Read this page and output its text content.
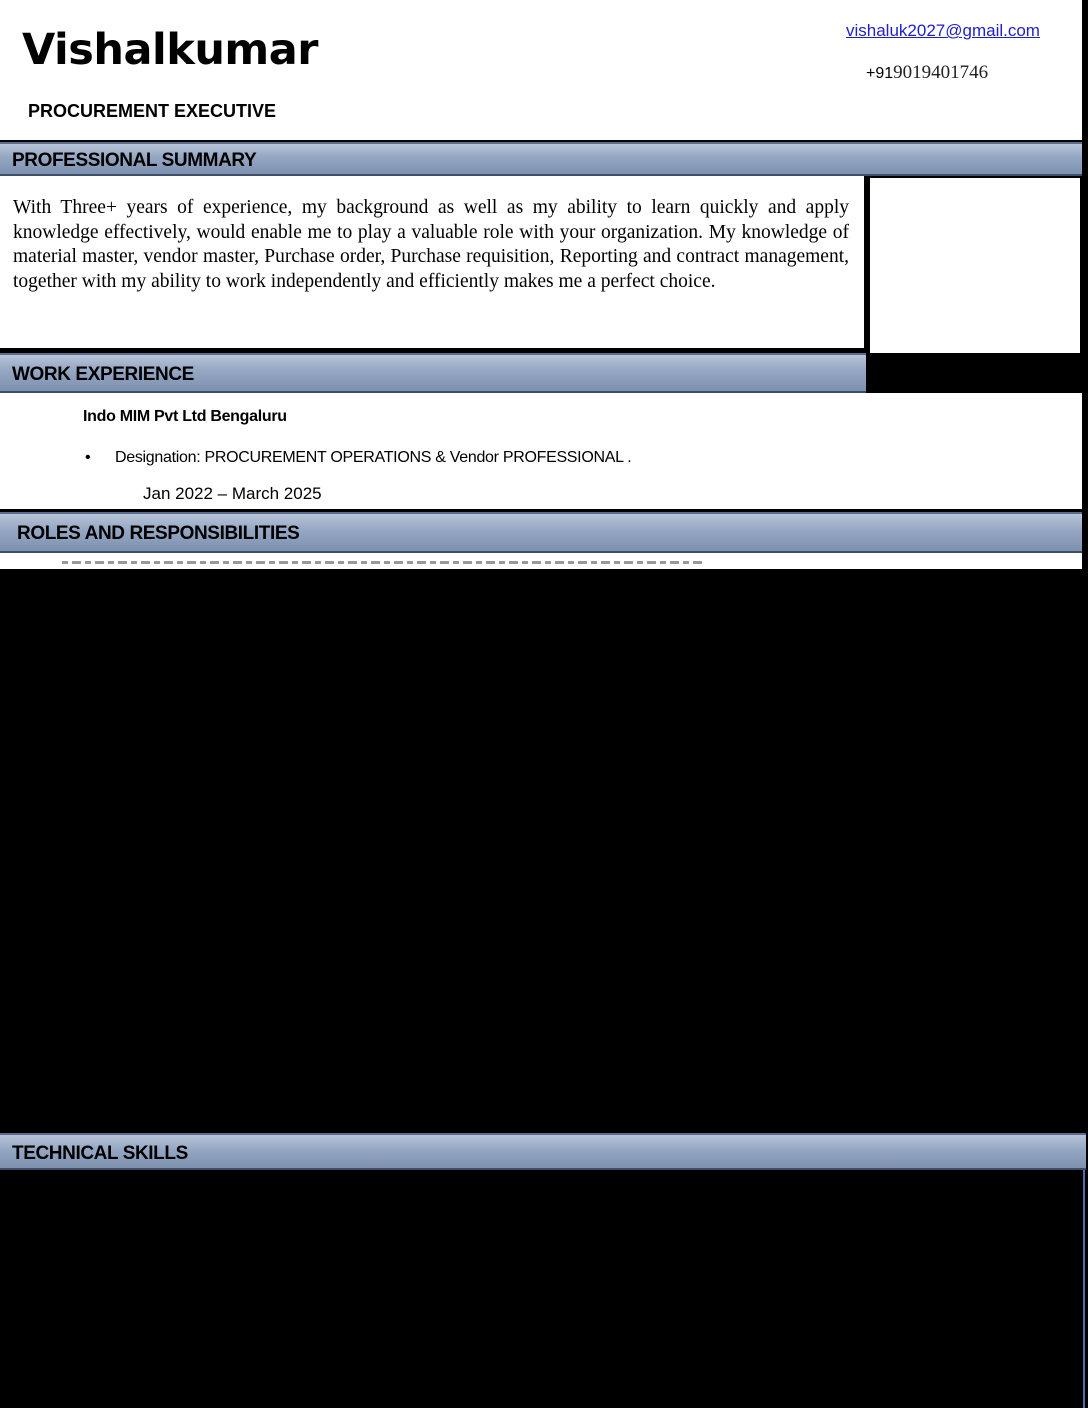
Vishalkumar
PROCUREMENT EXECUTIVE
vishaluk2027@gmail.com
+919019401746
PROFESSIONAL SUMMARY
With Three+ years of experience, my background as well as my ability to learn quickly and apply knowledge effectively, would enable me to play a valuable role with your organization. My knowledge of material master, vendor master, Purchase order, Purchase requisition, Reporting and contract management, together with my ability to work independently and efficiently makes me a perfect choice.
WORK EXPERIENCE
Indo MIM Pvt Ltd Bengaluru
• Designation: PROCUREMENT OPERATIONS & Vendor PROFESSIONAL .
Jan 2022 – March 2025
ROLES AND RESPONSIBILITIES
TECHNICAL SKILLS
